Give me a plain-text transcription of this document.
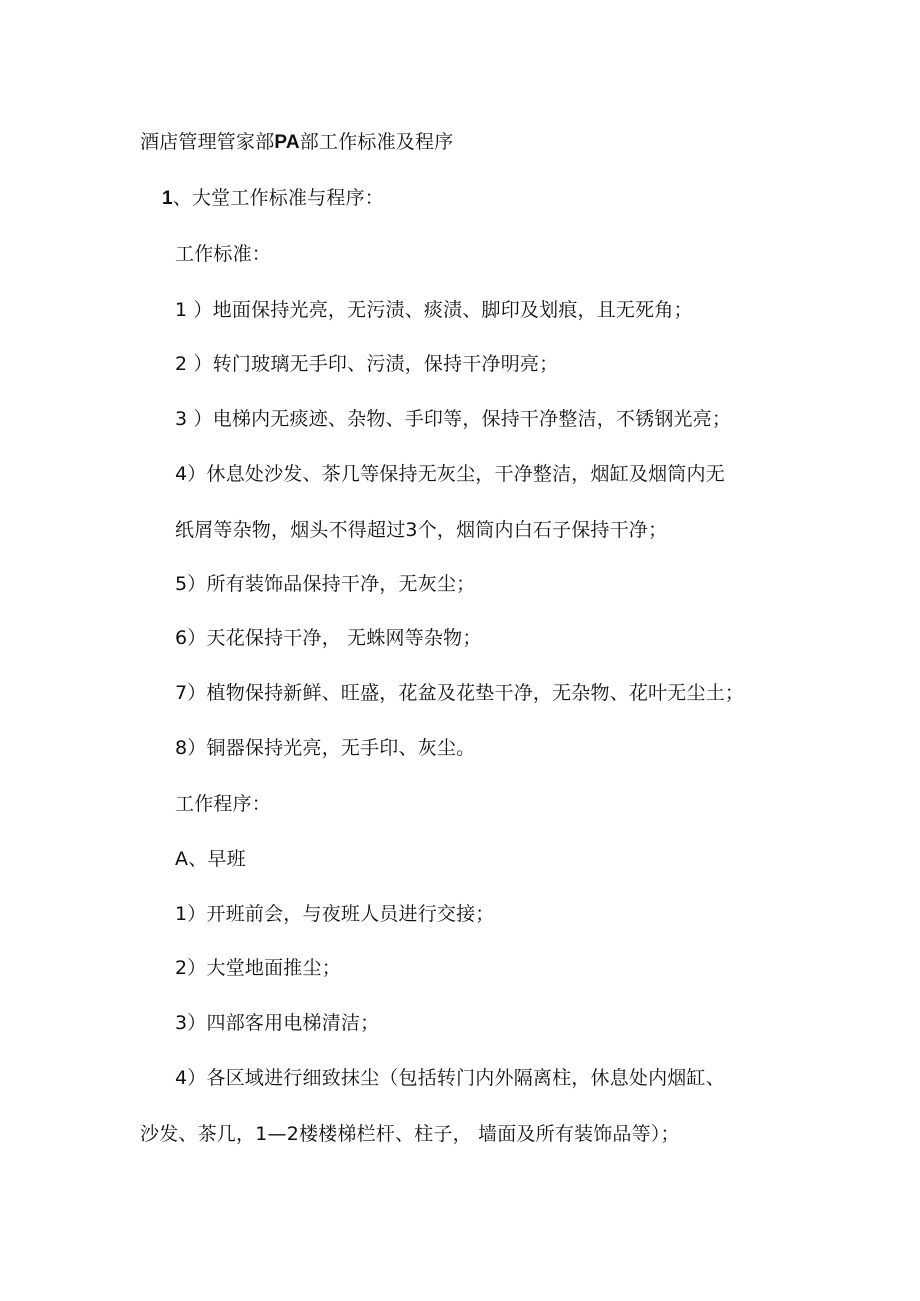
酒店管理管家部PA部工作标准及程序
1、大堂工作标准与程序：
工作标准：
1 ）地面保持光亮，无污渍、痰渍、脚印及划痕，且无死角；
2 ）转门玻璃无手印、污渍，保持干净明亮；
3 ）电梯内无痰迹、杂物、手印等，保持干净整洁，不锈钢光亮；
4）休息处沙发、茶几等保持无灰尘，干净整洁，烟缸及烟筒内无
纸屑等杂物，烟头不得超过3个，烟筒内白石子保持干净；
5）所有装饰品保持干净，无灰尘；
6）天花保持干净， 无蛛网等杂物；
7）植物保持新鲜、旺盛，花盆及花垫干净，无杂物、花叶无尘土；
8）铜器保持光亮，无手印、灰尘。
工作程序：
A、早班
1）开班前会，与夜班人员进行交接；
2）大堂地面推尘；
3）四部客用电梯清洁；
4）各区域进行细致抹尘（包括转门内外隔离柱，休息处内烟缸、
沙发、茶几，1—2楼楼梯栏杆、柱子， 墙面及所有装饰品等）；
